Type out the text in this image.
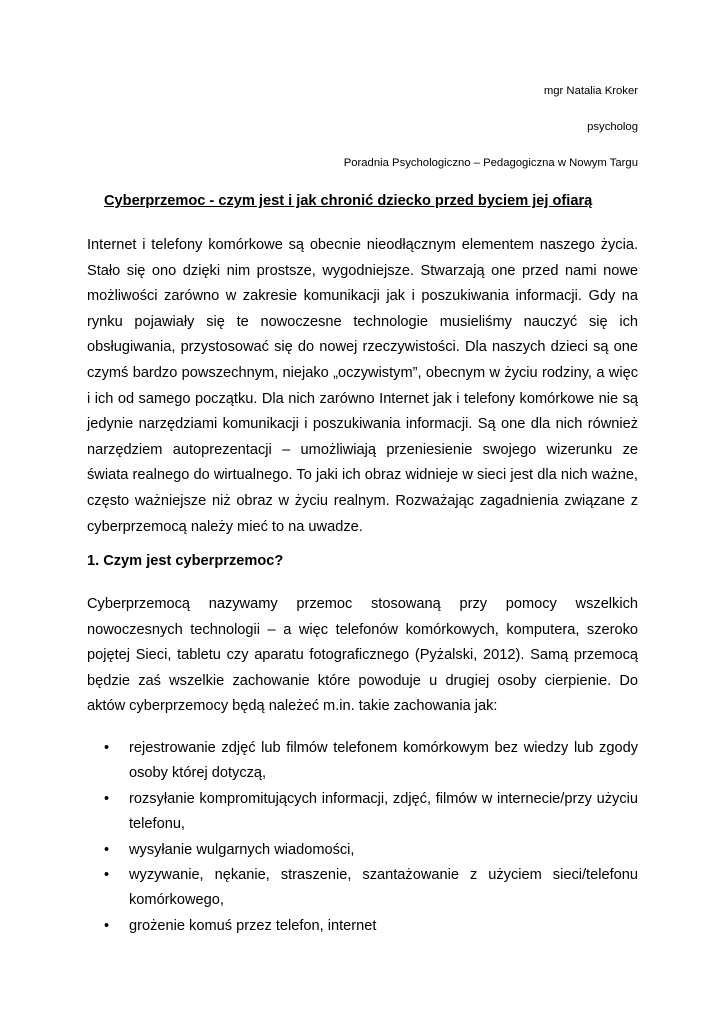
mgr Natalia Kroker
psycholog
Poradnia Psychologiczno – Pedagogiczna w Nowym Targu
Cyberprzemoc - czym jest i jak chronić dziecko przed byciem jej ofiarą

Internet i telefony komórkowe są obecnie nieodłącznym elementem naszego życia. Stało się ono dzięki nim prostsze, wygodniejsze. Stwarzają one przed nami nowe możliwości zarówno w zakresie komunikacji jak i poszukiwania informacji. Gdy na rynku pojawiały się te nowoczesne technologie musieliśmy nauczyć się ich obsługiwania, przystosować się do nowej rzeczywistości. Dla naszych dzieci są one czymś bardzo powszechnym, niejako „oczywistym”, obecnym w życiu rodziny, a więc i ich od samego początku. Dla nich zarówno Internet jak i telefony komórkowe nie są jedynie narzędziami komunikacji i poszukiwania informacji. Są one dla nich również narzędziem autoprezentacji – umożliwiają przeniesienie swojego wizerunku ze świata realnego do wirtualnego. To jaki ich obraz widnieje w sieci jest dla nich ważne, często ważniejsze niż obraz w życiu realnym. Rozważając zagadnienia związane z cyberprzemocą należy mieć to na uwadze.

1. Czym jest cyberprzemoc?

Cyberprzemocą nazywamy przemoc stosowaną przy pomocy wszelkich nowoczesnych technologii – a więc telefonów komórkowych, komputera, szeroko pojętej Sieci, tabletu czy aparatu fotograficznego (Pyżalski, 2012). Samą przemocą będzie zaś wszelkie zachowanie które powoduje u drugiej osoby cierpienie. Do aktów cyberprzemocy będą należeć m.in. takie zachowania jak:

• rejestrowanie zdjęć lub filmów telefonem komórkowym bez wiedzy lub zgody osoby której dotyczą,
• rozsyłanie kompromitujących informacji, zdjęć, filmów w internecie/przy użyciu telefonu,
• wysyłanie wulgarnych wiadomości,
• wyzywanie, nękanie, straszenie, szantażowanie z użyciem sieci/telefonu komórkowego,
• grożenie komuś przez telefon, internet
